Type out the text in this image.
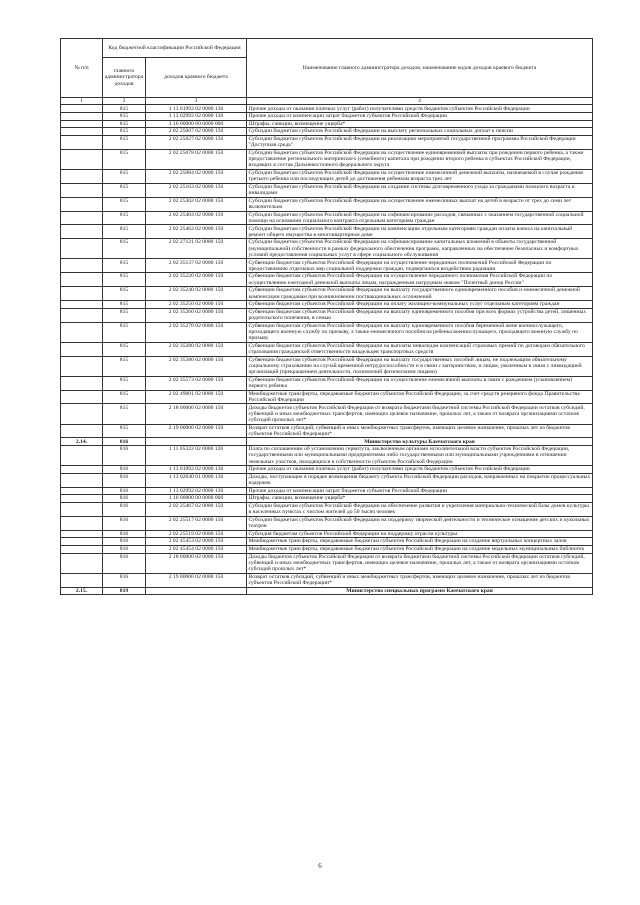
№ п/п	Код бюджетной классификации Российской Федерации		Наименование главного администратора доходов, наименование кодов доходов краевого бюджета
	главного администратора доходов	доходов краевого бюджета	
1	2	3	4
	815	1 13 01992 02 0000 130	Прочие доходы от оказания платных услуг (работ) получателями средств бюджетов субъектов Российской Федерации
	815	1 13 02992 02 0000 130	Прочие доходы от компенсации затрат бюджетов субъектов Российской Федерации
	815	1 16 00000 00 0000 000	Штрафы, санкции, возмещение ущерба*
	815	2 02 25007 02 0000 150	Субсидии бюджетам субъектов Российской Федерации на выплату региональных социальных доплат к пенсии
	815	2 02 25027 02 0000 150	Субсидии бюджетам субъектов Российской Федерации на реализацию мероприятий государственной программы Российской Федерации "Доступная среда"
	815	2 02 25078 02 0000 150	Субсидии бюджетам субъектов Российской Федерации на осуществление единовременной выплаты при рождении первого ребенка, а также предоставление регионального материнского (семейного) капитала при рождении второго ребенка в субъектах Российской Федерации, входящих в состав Дальневосточного федерального округа
	815	2 02 25084 02 0000 150	Субсидии бюджетам субъектов Российской Федерации на осуществление ежемесячной денежной выплаты, назначаемой в случае рождения третьего ребенка или последующих детей до достижения ребенком возраста трех лет
	815	2 02 25163 02 0000 150	Субсидии бюджетам субъектов Российской Федерации на создание системы долговременного ухода за гражданами пожилого возраста и инвалидами
	815	2 02 25302 02 0000 150	Субсидии бюджетам субъектов Российской Федерации на осуществление ежемесячных выплат на детей в возрасте от трех до семи лет включительно
	815	2 02 25404 02 0000 150	Субсидии бюджетам субъектов Российской Федерации на софинансирование расходов, связанных с оказанием государственной социальной помощи на основании социального контракта отдельным категориям граждан
	815	2 02 25462 02 0000 150	Субсидии бюджетам субъектов Российской Федерации на компенсацию отдельным категориям граждан оплаты взноса на капитальный ремонт общего имущества в многоквартирном доме
	815	2 02 27121 02 0000 150	Субсидии бюджетам субъектов Российской Федерации на софинансирование капитальных вложений в объекты государственной (муниципальной) собственности в рамках федерального обеспечения программ, направленных на обеспечение безопасных и комфортных условий предоставления социальных услуг в сфере социального обслуживания
	815	2 02 35137 02 0000 150	Субвенции бюджетам субъектов Российской Федерации на осуществление переданных полномочий Российской Федерации по предоставлению отдельных мер социальной поддержки граждан, подвергшихся воздействию радиации
	815	2 02 35220 02 0000 150	Субвенции бюджетам субъектов Российской Федерации на осуществление переданного полномочия Российской Федерации по осуществлению ежегодной денежной выплаты лицам, награжденным нагрудным знаком "Почетный донор России"
	815	2 02 35240 02 0000 150	Субвенции бюджетам субъектов Российской Федерации на выплату государственного единовременного пособия и ежемесячной денежной компенсации гражданам при возникновении поствакцинальных осложнений
	815	2 02 35250 02 0000 150	Субвенции бюджетам субъектов Российской Федерации на оплату жилищно-коммунальных услуг отдельным категориям граждан
	815	2 02 35260 02 0000 150	Субвенции бюджетам субъектов Российской Федерации на выплату единовременного пособия при всех формах устройства детей, лишенных родительского попечения, в семью
	815	2 02 35270 02 0000 150	Субвенции бюджетам субъектов Российской Федерации на выплату единовременного пособия беременной жене военнослужащего, проходящего военную службу по призыву, а также ежемесячного пособия на ребенка военнослужащего, проходящего военную службу по призыву
	815	2 02 35280 02 0000 150	Субвенции бюджетам субъектов Российской Федерации на выплаты инвалидам компенсаций страховых премий по договорам обязательного страхования гражданской ответственности владельцев транспортных средств
	815	2 02 35380 02 0000 150	Субвенции бюджетам субъектов Российской Федерации на выплату государственных пособий лицам, не подлежащим обязательному социальному страхованию на случай временной нетрудоспособности и в связи с материнством, и лицам, уволенным в связи с ликвидацией организаций (прекращением деятельности, полномочий физическими лицами)
	815	2 02 35573 02 0000 150	Субвенции бюджетам субъектов Российской Федерации на осуществление ежемесячной выплаты в связи с рождением (усыновлением) первого ребенка
	815	2 02 49001 02 0000 150	Межбюджетные трансферты, передаваемые бюджетам субъектов Российской Федерации, за счет средств резервного фонда Правительства Российской Федерации
	815	2 18 00000 02 0000 150	Доходы бюджетов субъектов Российской Федерации от возврата бюджетами бюджетной системы Российской Федерации остатков субсидий, субвенций и иных межбюджетных трансфертов, имеющих целевое назначение, прошлых лет, а также от возврата организациями остатков субсидий прошлых лет*
	815	2 19 00000 02 0000 150	Возврат остатков субсидий, субвенций и иных межбюджетных трансфертов, имеющих целевое назначение, прошлых лет из бюджетов субъектов Российской Федерации*
2.14.	816		Министерство культуры Камчатского края
	816	1 11 05322 02 0000 120	Плата по соглашениям об установлении сервитута, заключенным органами исполнительной власти субъектов Российской Федерации, государственными или муниципальными предприятиями либо государственными или муниципальными учреждениями в отношении земельных участков, находящихся в собственности субъектов Российской Федерации
	816	1 13 01992 02 0000 130	Прочие доходы от оказания платных услуг (работ) получателями средств бюджетов субъектов Российской Федерации
	816	1 13 02040 01 0000 130	Доходы, поступающие в порядке возмещения бюджету субъекта Российской Федерации расходов, направленных на покрытие процессуальных издержек
	816	1 13 02992 02 0000 130	Прочие доходы от компенсации затрат бюджетов субъектов Российской Федерации
	816	1 16 00000 00 0000 000	Штрафы, санкции, возмещение ущерба*
	816	2 02 25467 02 0000 150	Субсидии бюджетам субъектов Российской Федерации на обеспечение развития и укрепления материально-технической базы домов культуры в населенных пунктах с числом жителей до 50 тысяч человек
	816	2 02 25517 02 0000 150	Субсидии бюджетам субъектов Российской Федерации на поддержку творческой деятельности и техническое оснащение детских и кукольных театров
	816	2 02 25519 02 0000 150	Субсидия бюджетам субъектов Российской Федерации на поддержку отрасли культуры
	816	2 02 45453 02 0000 150	Межбюджетные трансферты, передаваемые бюджетам субъектов Российской Федерации на создание виртуальных концертных залов
	816	2 02 45454 02 0000 150	Межбюджетные трансферты, передаваемые бюджетам субъектов Российской Федерации на создание модельных муниципальных библиотек
	816	2 18 00000 02 0000 150	Доходы бюджетов субъектов Российской Федерации от возврата бюджетами бюджетной системы Российской Федерации остатков субсидий, субвенций и иных межбюджетных трансфертов, имеющих целевое назначение, прошлых лет, а также от возврата организациями остатков субсидий прошлых лет*
	816	2 19 00000 02 0000 150	Возврат остатков субсидий, субвенций и иных межбюджетных трансфертов, имеющих целевое назначение, прошлых лет из бюджетов субъектов Российской Федерации*
2.15.	819		Министерство специальных программ Камчатского края
6
